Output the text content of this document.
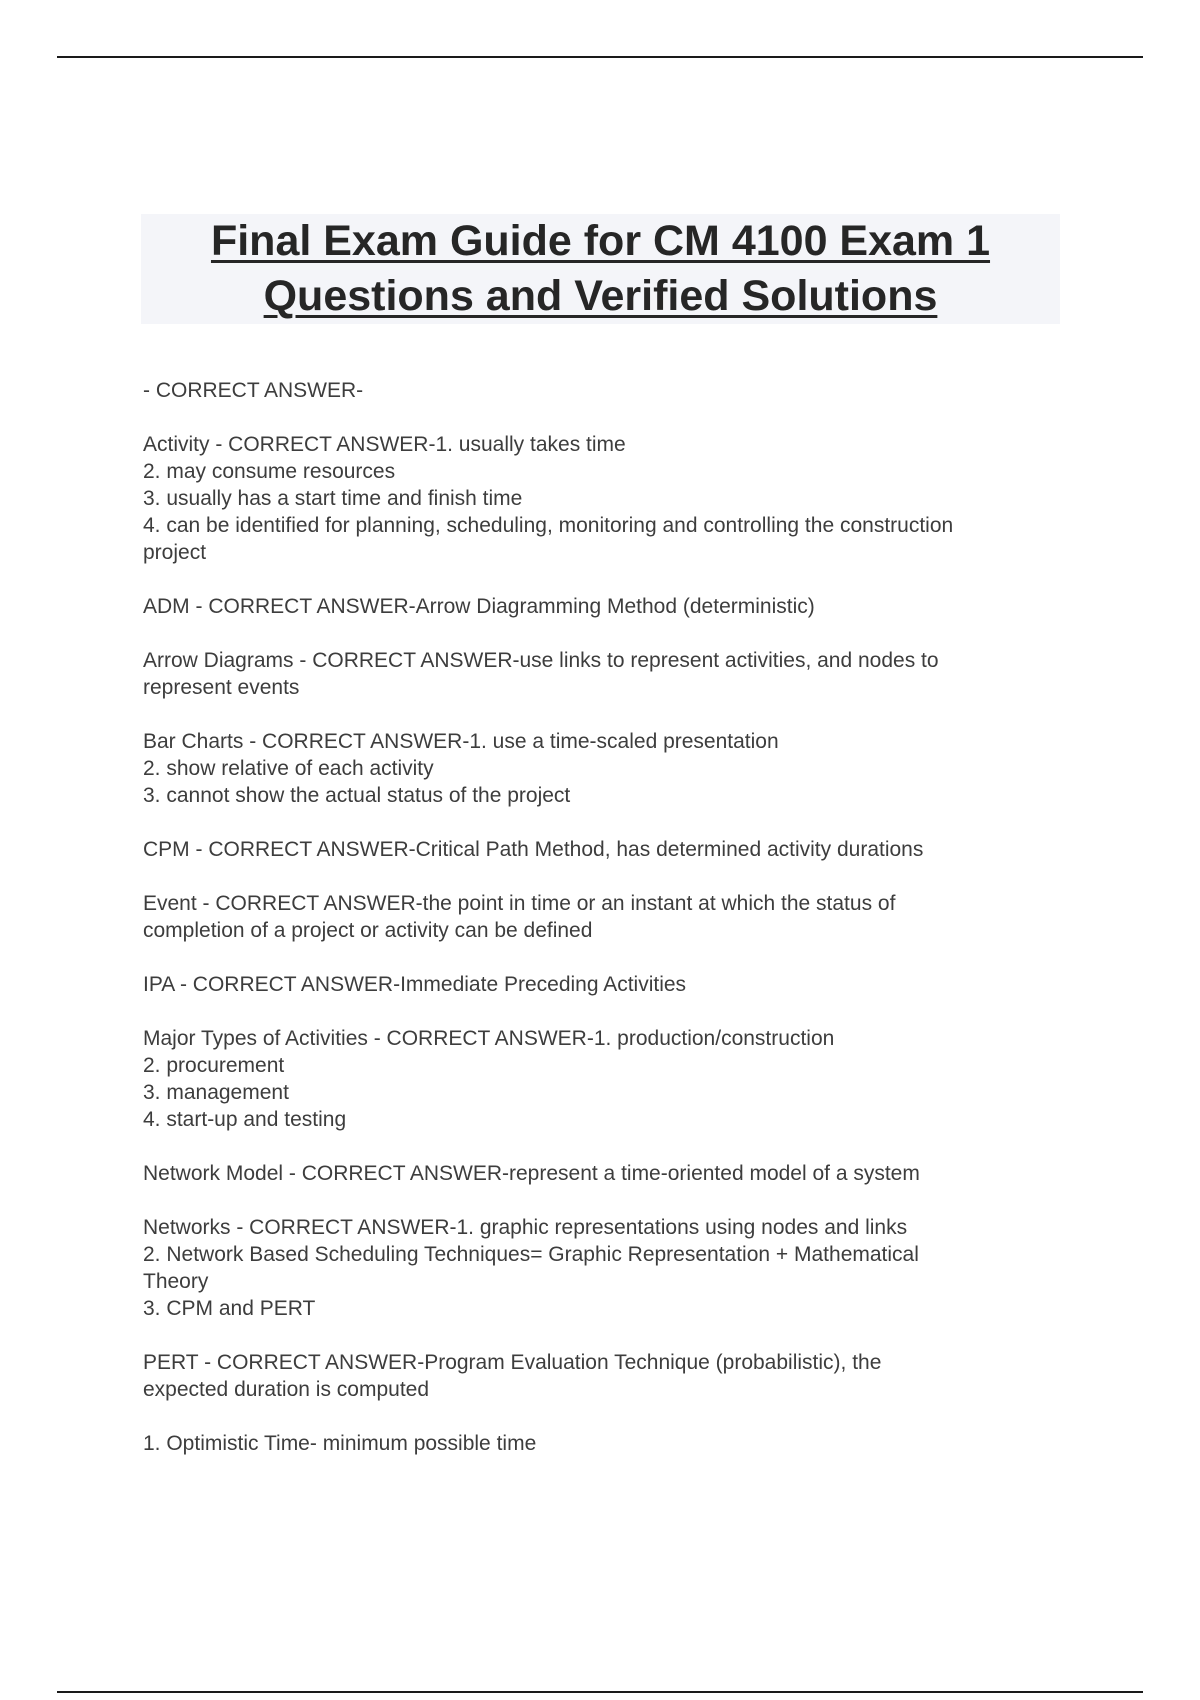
Final Exam Guide for CM 4100 Exam 1
Questions and Verified Solutions
- CORRECT ANSWER-
Activity - CORRECT ANSWER-1. usually takes time
2. may consume resources
3. usually has a start time and finish time
4. can be identified for planning, scheduling, monitoring and controlling the construction
project
ADM - CORRECT ANSWER-Arrow Diagramming Method (deterministic)
Arrow Diagrams - CORRECT ANSWER-use links to represent activities, and nodes to
represent events
Bar Charts - CORRECT ANSWER-1. use a time-scaled presentation
2. show relative of each activity
3. cannot show the actual status of the project
CPM - CORRECT ANSWER-Critical Path Method, has determined activity durations
Event - CORRECT ANSWER-the point in time or an instant at which the status of
completion of a project or activity can be defined
IPA - CORRECT ANSWER-Immediate Preceding Activities
Major Types of Activities - CORRECT ANSWER-1. production/construction
2. procurement
3. management
4. start-up and testing
Network Model - CORRECT ANSWER-represent a time-oriented model of a system
Networks - CORRECT ANSWER-1. graphic representations using nodes and links
2. Network Based Scheduling Techniques= Graphic Representation + Mathematical
Theory
3. CPM and PERT
PERT - CORRECT ANSWER-Program Evaluation Technique (probabilistic), the
expected duration is computed
1. Optimistic Time- minimum possible time
